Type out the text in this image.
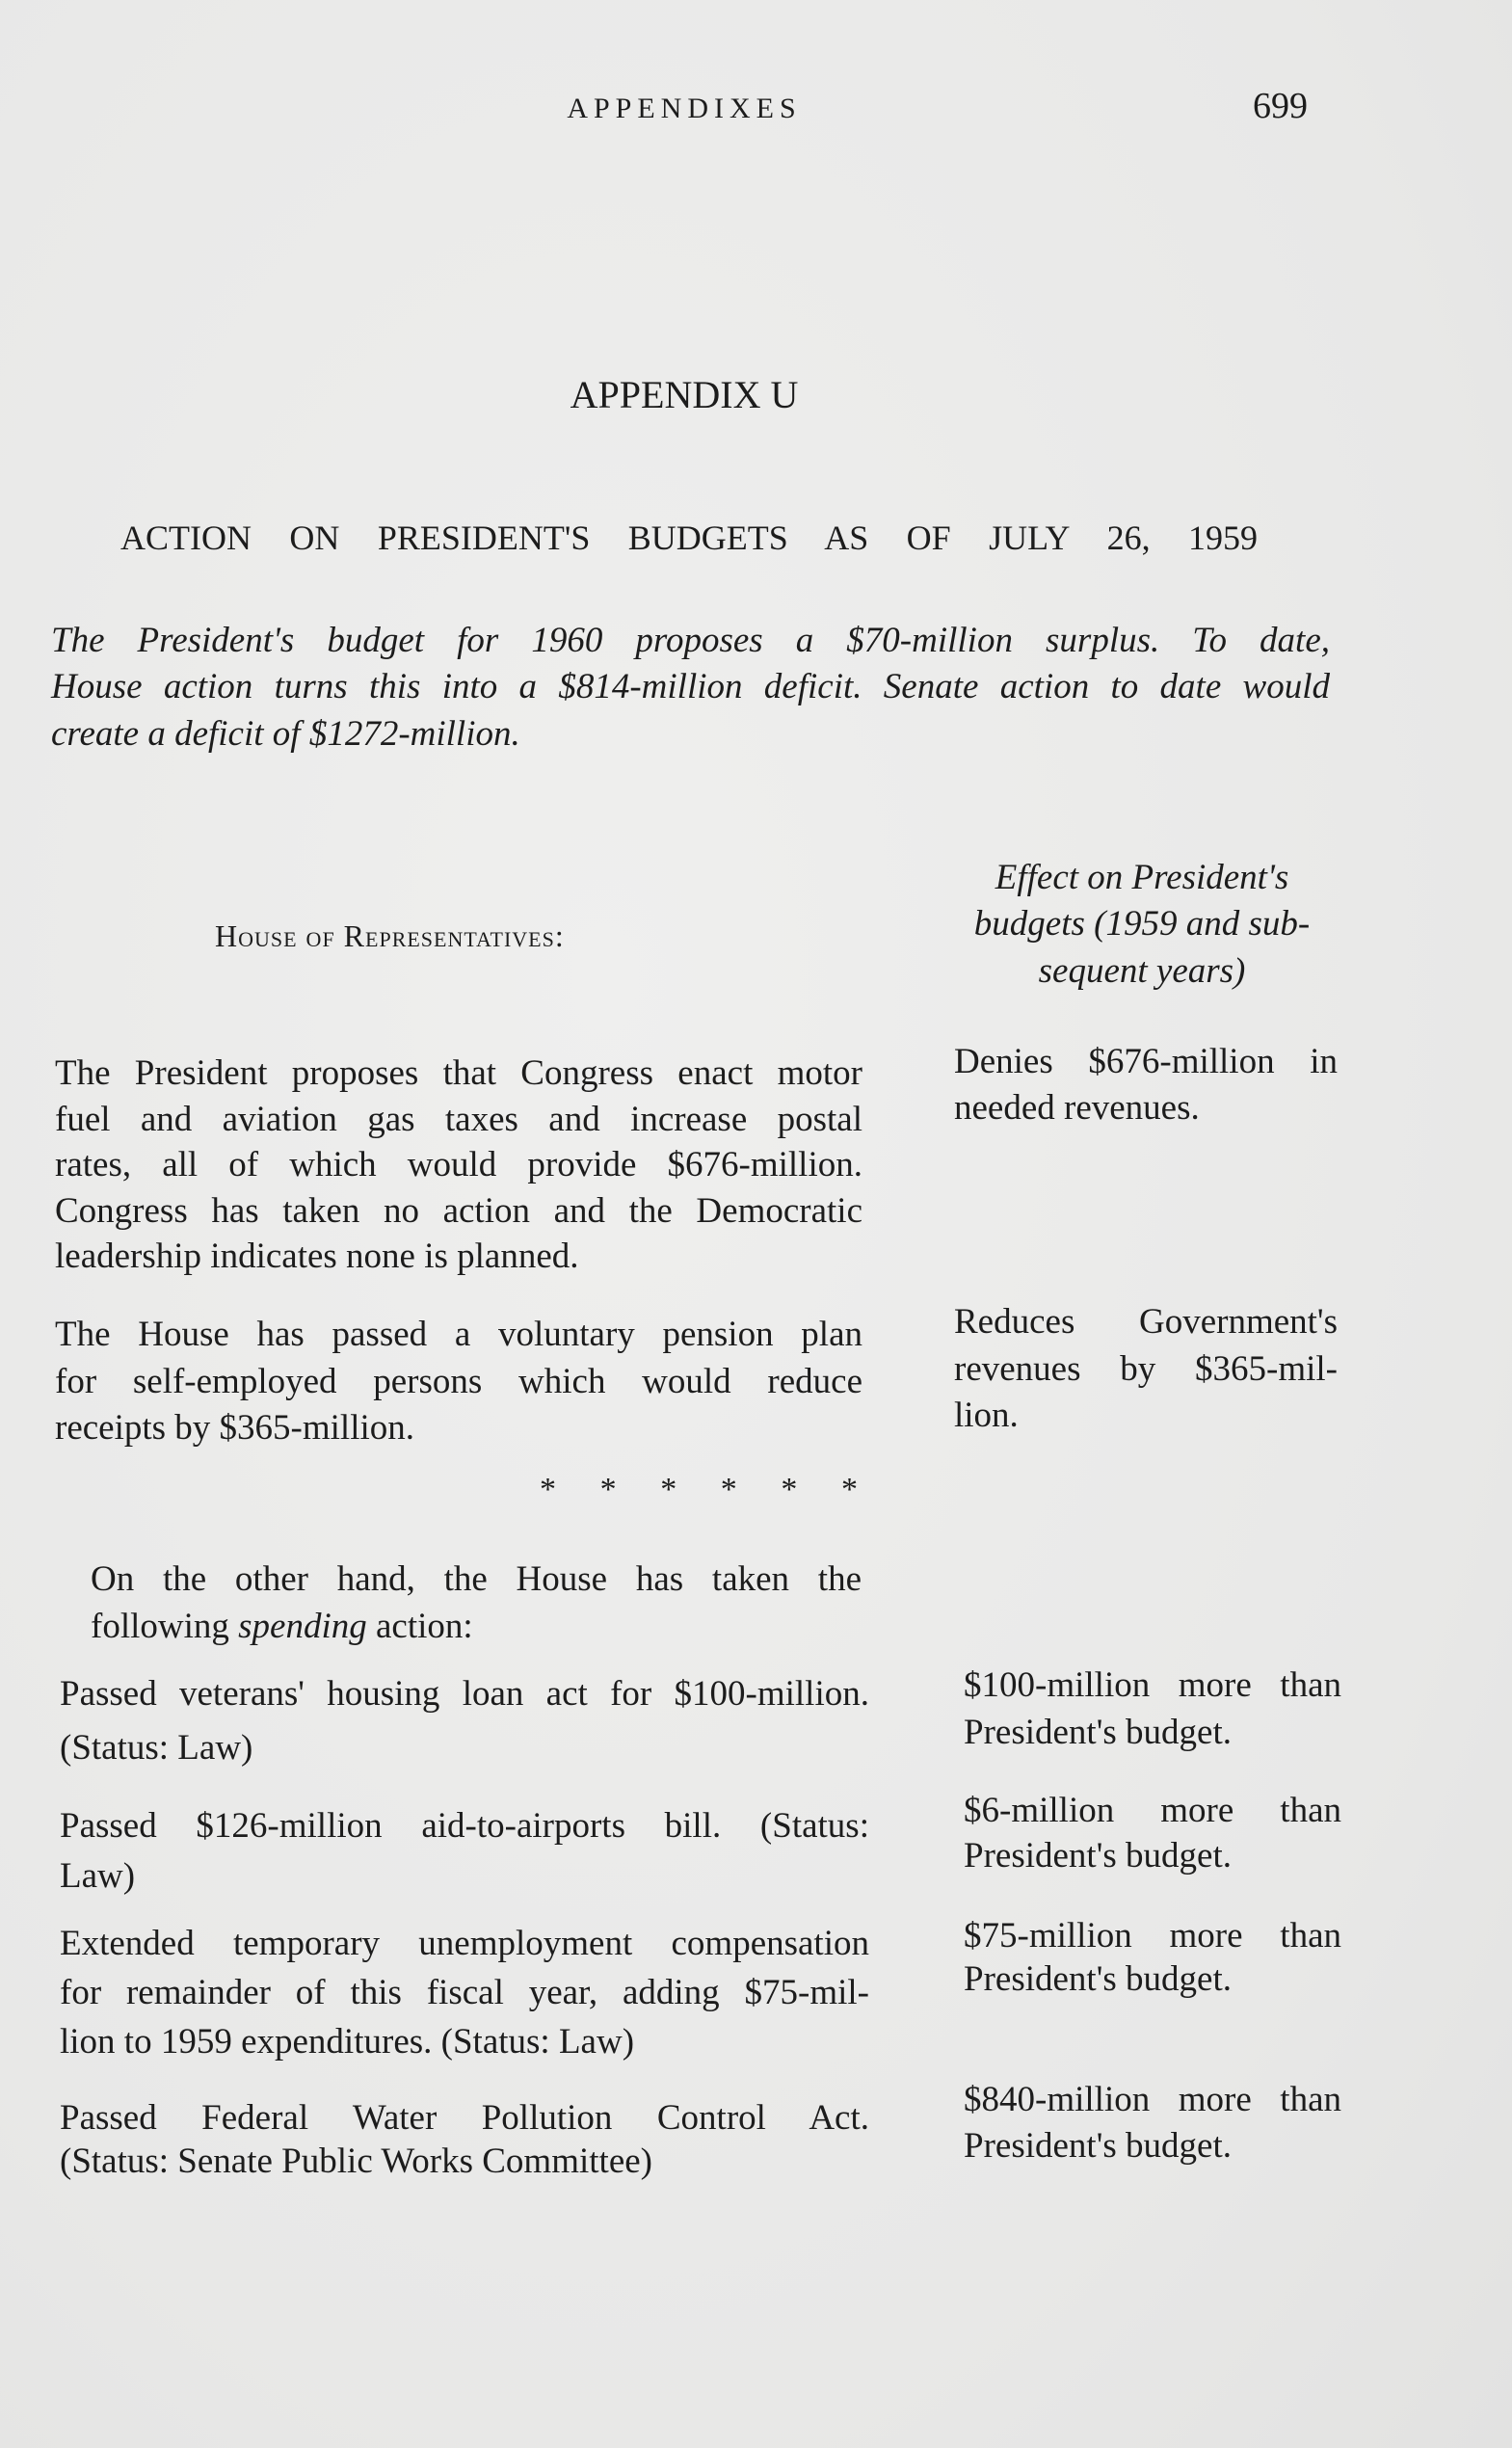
APPENDIXES	699
APPENDIX U
ACTION ON PRESIDENT'S BUDGETS AS OF JULY 26, 1959
The President's budget for 1960 proposes a $70-million surplus. To date,
House action turns this into a $814-million deficit. Senate action to date would
create a deficit of $1272-million.
House of Representatives:
Effect on President's
budgets (1959 and sub-
sequent years)
The President proposes that Congress enact motor
fuel and aviation gas taxes and increase postal
rates, all of which would provide $676-million.
Congress has taken no action and the Democratic
leadership indicates none is planned.
Denies $676-million in
needed revenues.
The House has passed a voluntary pension plan
for self-employed persons which would reduce
receipts by $365-million.
Reduces Government's
revenues by $365-mil-
lion.
* * * * * *
On the other hand, the House has taken the
following spending action:
Passed veterans' housing loan act for $100-million.
(Status: Law)
$100-million more than
President's budget.
Passed $126-million aid-to-airports bill. (Status:
Law)
$6-million more than
President's budget.
Extended temporary unemployment compensation
for remainder of this fiscal year, adding $75-mil-
lion to 1959 expenditures. (Status: Law)
$75-million more than
President's budget.
Passed Federal Water Pollution Control Act.
(Status: Senate Public Works Committee)
$840-million more than
President's budget.
